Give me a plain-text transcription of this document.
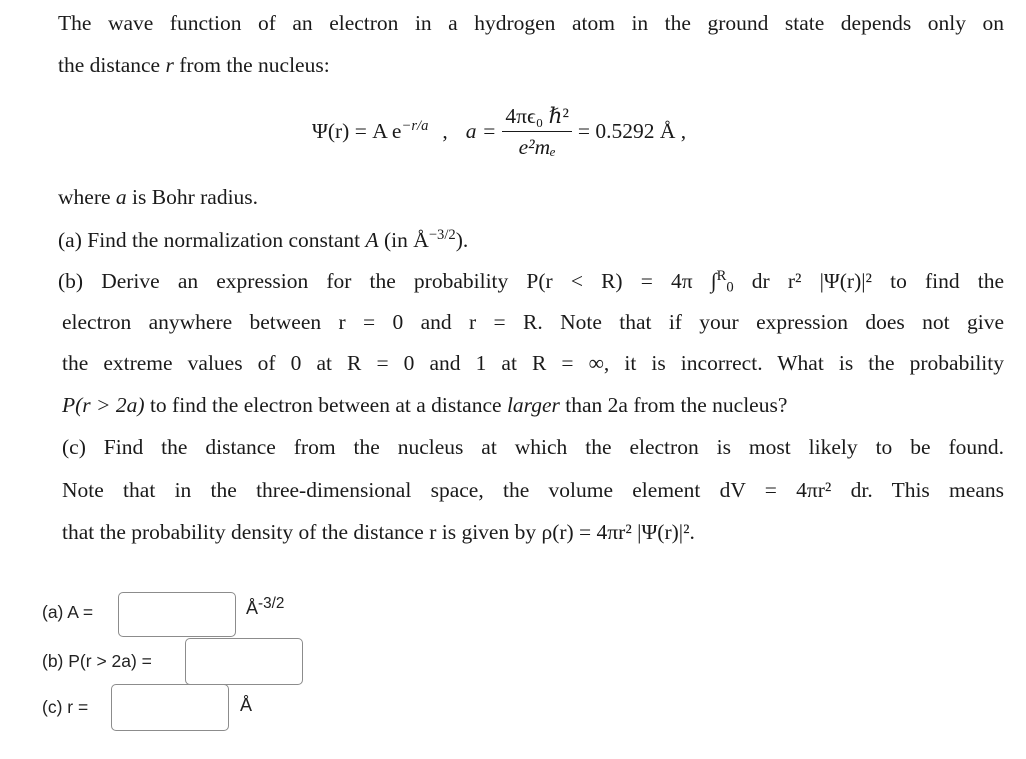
The wave function of an electron in a hydrogen atom in the ground state depends only on
the distance r from the nucleus:
Ψ(r) = A $e^{-r/a}$ , $a = \frac{\text{4πϵ₀ ℏ²}}{\text{e²mₑ}} = 0.5292$ Å ,
where a is Bohr radius.
(a) Find the normalization constant A (in $Å^{-3/2}$).
(b) Derive an expression for the probability P(r < R) = 4π ∫$^R_0$ dr r² |Ψ(r)|² to find the
electron anywhere between r = 0 and r = R. Note that if your expression does not give
the extreme values of 0 at R = 0 and 1 at R = ∞, it is incorrect. What is the probability
P(r > 2a) to find the electron between at a distance larger than 2a from the nucleus?
(c) Find the distance from the nucleus at which the electron is most likely to be found.
Note that in the three-dimensional space, the volume element dV = 4πr² dr. This means
that the probability density of the distance r is given by ρ(r) = 4πr² |Ψ(r)|².
(a) A =	$Å^{-3/2}$
(b) P(r > 2a) =
(c) r =	Å
